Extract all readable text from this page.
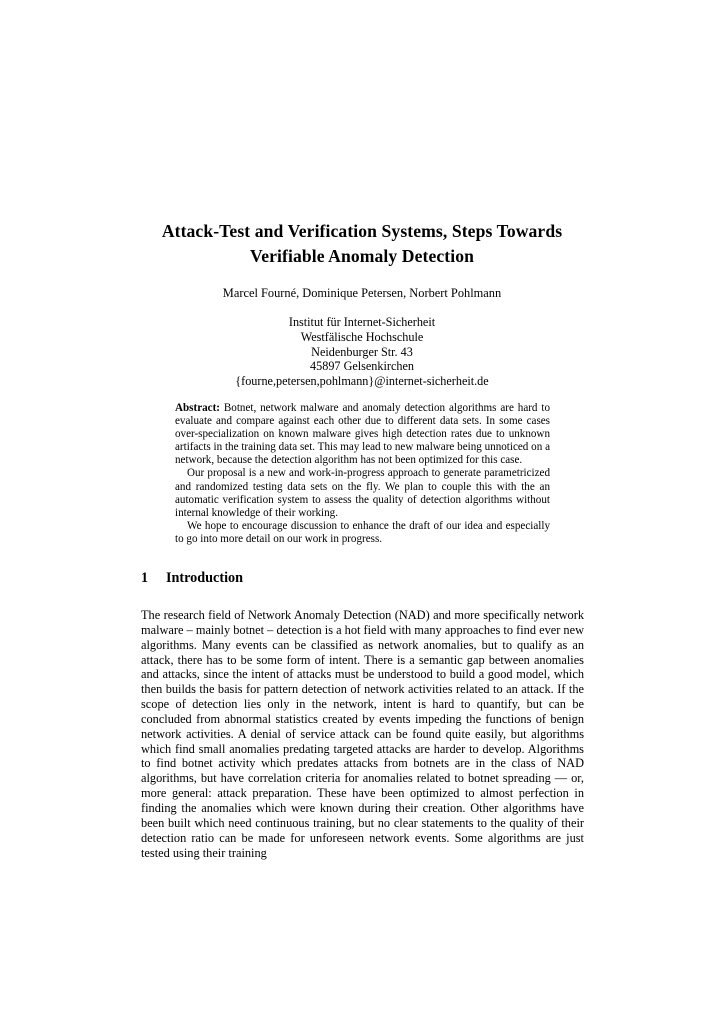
Attack-Test and Verification Systems, Steps Towards
Verifiable Anomaly Detection
Marcel Fourné, Dominique Petersen, Norbert Pohlmann
Institut für Internet-Sicherheit
Westfälische Hochschule
Neidenburger Str. 43
45897 Gelsenkirchen
{fourne,petersen,pohlmann}@internet-sicherheit.de

Abstract: Botnet, network malware and anomaly detection algorithms are hard to evaluate and compare against each other due to different data sets. In some cases over-specialization on known malware gives high detection rates due to unknown artifacts in the training data set. This may lead to new malware being unnoticed on a network, because the detection algorithm has not been optimized for this case.

Our proposal is a new and work-in-progress approach to generate parametricized and randomized testing data sets on the fly. We plan to couple this with the an automatic verification system to assess the quality of detection algorithms without internal knowledge of their working.

We hope to encourage discussion to enhance the draft of our idea and especially to go into more detail on our work in progress.

1 Introduction

The research field of Network Anomaly Detection (NAD) and more specifically network malware – mainly botnet – detection is a hot field with many approaches to find ever new algorithms. Many events can be classified as network anomalies, but to qualify as an attack, there has to be some form of intent. There is a semantic gap between anomalies and attacks, since the intent of attacks must be understood to build a good model, which then builds the basis for pattern detection of network activities related to an attack. If the scope of detection lies only in the network, intent is hard to quantify, but can be concluded from abnormal statistics created by events impeding the functions of benign network activities. A denial of service attack can be found quite easily, but algorithms which find small anomalies predating targeted attacks are harder to develop. Algorithms to find botnet activity which predates attacks from botnets are in the class of NAD algorithms, but have correlation criteria for anomalies related to botnet spreading — or, more general: attack preparation. These have been optimized to almost perfection in finding the anomalies which were known during their creation. Other algorithms have been built which need continuous training, but no clear statements to the quality of their detection ratio can be made for unforeseen network events. Some algorithms are just tested using their training
